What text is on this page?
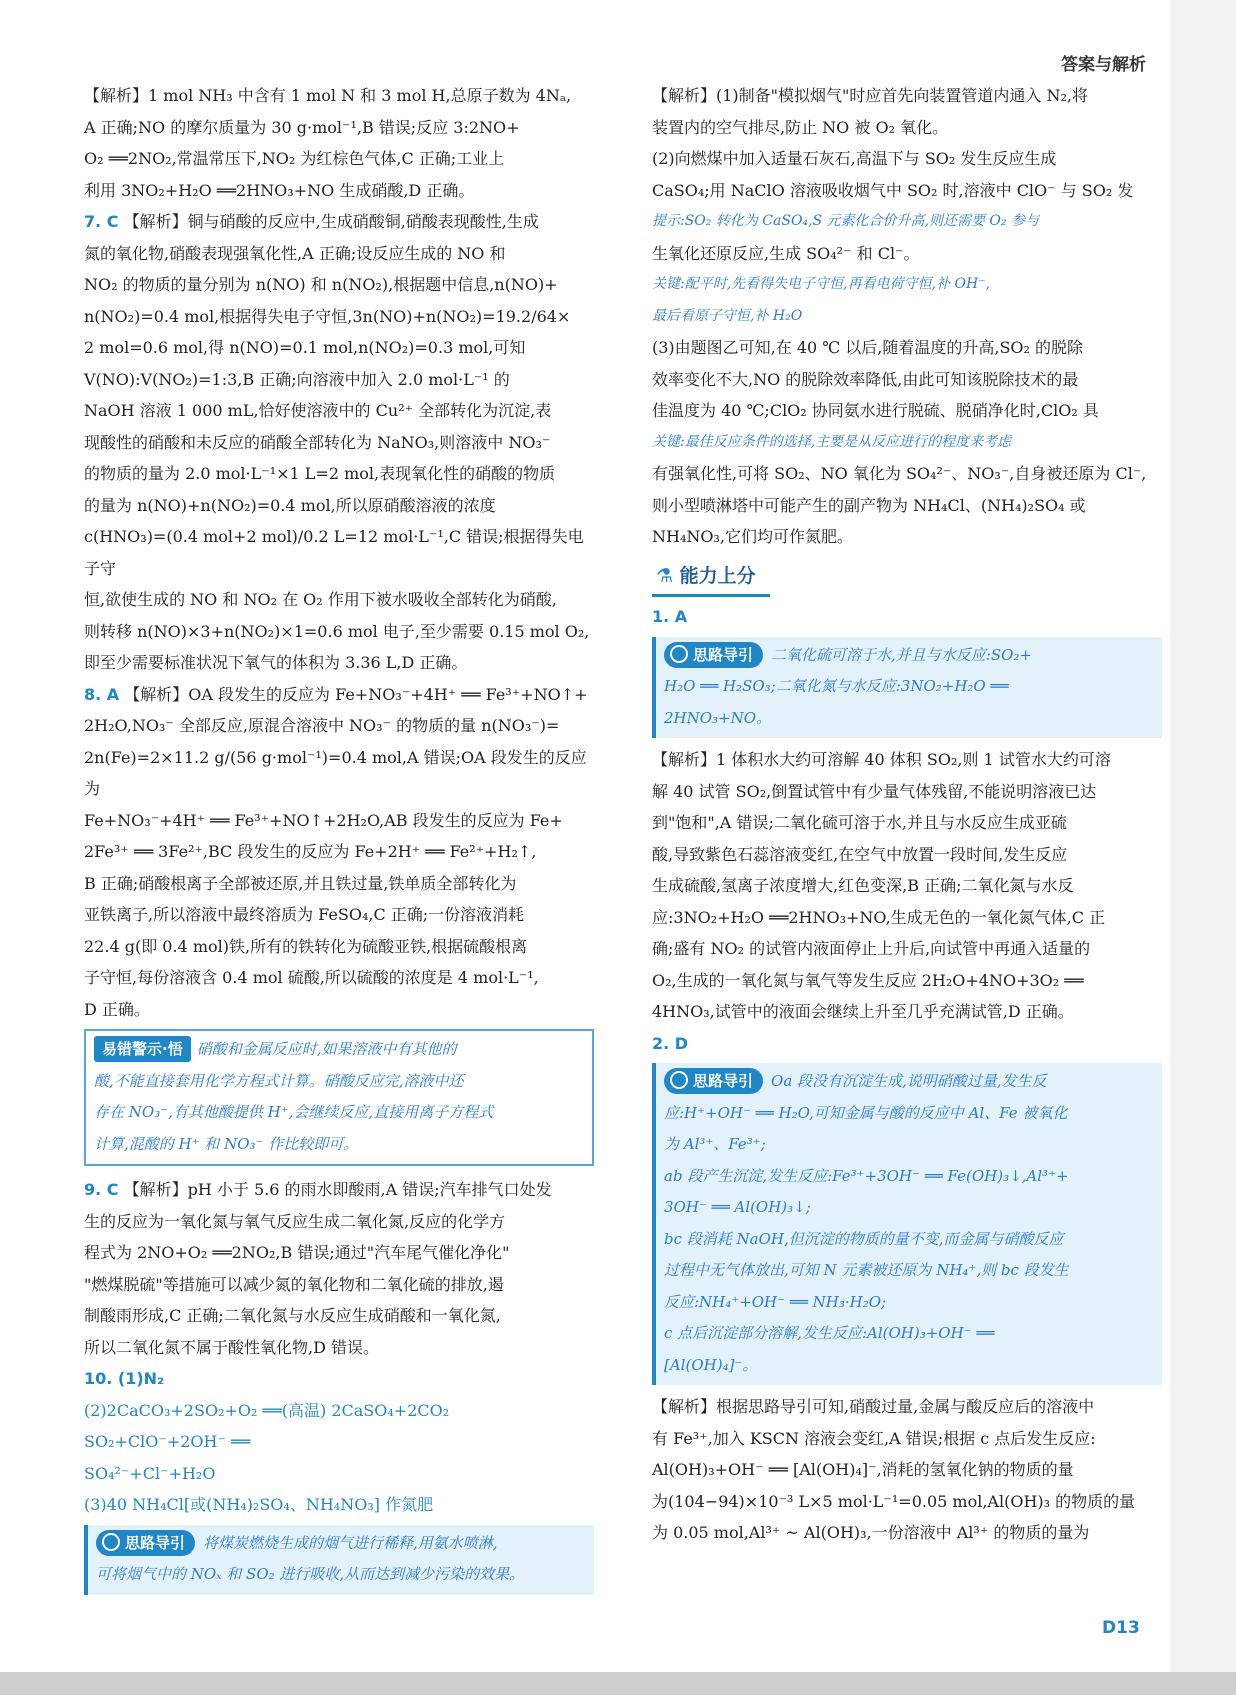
答案与解析

【解析】1 mol NH₃ 中含有 1 mol N 和 3 mol H,总原子数为 4Nₐ,

A 正确;NO 的摩尔质量为 30 g·mol⁻¹,B 错误;反应 3:2NO+

O₂ ══2NO₂,常温常压下,NO₂ 为红棕色气体,C 正确;工业上

利用 3NO₂+H₂O ══2HNO₃+NO 生成硝酸,D 正确。

7. C 【解析】铜与硝酸的反应中,生成硝酸铜,硝酸表现酸性,生成

氮的氧化物,硝酸表现强氧化性,A 正确;设反应生成的 NO 和

NO₂ 的物质的量分别为 n(NO) 和 n(NO₂),根据题中信息,n(NO)+

n(NO₂)=0.4 mol,根据得失电子守恒,3n(NO)+n(NO₂)=19.2/64×

2 mol=0.6 mol,得 n(NO)=0.1 mol,n(NO₂)=0.3 mol,可知

V(NO):V(NO₂)=1:3,B 正确;向溶液中加入 2.0 mol·L⁻¹ 的

NaOH 溶液 1 000 mL,恰好使溶液中的 Cu²⁺ 全部转化为沉淀,表

现酸性的硝酸和未反应的硝酸全部转化为 NaNO₃,则溶液中 NO₃⁻

的物质的量为 2.0 mol·L⁻¹×1 L=2 mol,表现氧化性的硝酸的物质

的量为 n(NO)+n(NO₂)=0.4 mol,所以原硝酸溶液的浓度

c(HNO₃)=(0.4 mol+2 mol)/0.2 L=12 mol·L⁻¹,C 错误;根据得失电子守

恒,欲使生成的 NO 和 NO₂ 在 O₂ 作用下被水吸收全部转化为硝酸,

则转移 n(NO)×3+n(NO₂)×1=0.6 mol 电子,至少需要 0.15 mol O₂,

即至少需要标准状况下氧气的体积为 3.36 L,D 正确。

8. A 【解析】OA 段发生的反应为 Fe+NO₃⁻+4H⁺ ══ Fe³⁺+NO↑+

2H₂O,NO₃⁻ 全部反应,原混合溶液中 NO₃⁻ 的物质的量 n(NO₃⁻)=

2n(Fe)=2×11.2 g/(56 g·mol⁻¹)=0.4 mol,A 错误;OA 段发生的反应为

Fe+NO₃⁻+4H⁺ ══ Fe³⁺+NO↑+2H₂O,AB 段发生的反应为 Fe+

2Fe³⁺ ══ 3Fe²⁺,BC 段发生的反应为 Fe+2H⁺ ══ Fe²⁺+H₂↑,

B 正确;硝酸根离子全部被还原,并且铁过量,铁单质全部转化为

亚铁离子,所以溶液中最终溶质为 FeSO₄,C 正确;一份溶液消耗

22.4 g(即 0.4 mol)铁,所有的铁转化为硫酸亚铁,根据硫酸根离

子守恒,每份溶液含 0.4 mol 硫酸,所以硫酸的浓度是 4 mol·L⁻¹,

D 正确。

易错警示·悟 硝酸和金属反应时,如果溶液中有其他的

酸,不能直接套用化学方程式计算。硝酸反应完,溶液中还

存在 NO₃⁻,有其他酸提供 H⁺,会继续反应,直接用离子方程式

计算,混酸的 H⁺ 和 NO₃⁻ 作比较即可。

9. C 【解析】pH 小于 5.6 的雨水即酸雨,A 错误;汽车排气口处发

生的反应为一氧化氮与氧气反应生成二氧化氮,反应的化学方

程式为 2NO+O₂ ══2NO₂,B 错误;通过"汽车尾气催化净化"

"燃煤脱硫"等措施可以减少氮的氧化物和二氧化硫的排放,遏

制酸雨形成,C 正确;二氧化氮与水反应生成硝酸和一氧化氮,

所以二氧化氮不属于酸性氧化物,D 错误。

10. (1)N₂

(2)2CaCO₃+2SO₂+O₂ ══(高温) 2CaSO₄+2CO₂ SO₂+ClO⁻+2OH⁻ ══

SO₄²⁻+Cl⁻+H₂O

(3)40 NH₄Cl[或(NH₄)₂SO₄、NH₄NO₃] 作氮肥

思路导引 将煤炭燃烧生成的烟气进行稀释,用氨水喷淋,

可将烟气中的 NOₓ 和 SO₂ 进行吸收,从而达到减少污染的效果。

【解析】(1)制备"模拟烟气"时应首先向装置管道内通入 N₂,将

装置内的空气排尽,防止 NO 被 O₂ 氧化。

(2)向燃煤中加入适量石灰石,高温下与 SO₂ 发生反应生成

CaSO₄;用 NaClO 溶液吸收烟气中 SO₂ 时,溶液中 ClO⁻ 与 SO₂ 发

提示:SO₂ 转化为 CaSO₄,S 元素化合价升高,则还需要 O₂ 参与

生氧化还原反应,生成 SO₄²⁻ 和 Cl⁻。

关键:配平时,先看得失电子守恒,再看电荷守恒,补 OH⁻,

最后看原子守恒,补 H₂O

(3)由题图乙可知,在 40 ℃ 以后,随着温度的升高,SO₂ 的脱除

效率变化不大,NO 的脱除效率降低,由此可知该脱除技术的最

佳温度为 40 ℃;ClO₂ 协同氨水进行脱硫、脱硝净化时,ClO₂ 具

关键:最佳反应条件的选择,主要是从反应进行的程度来考虑

有强氧化性,可将 SO₂、NO 氧化为 SO₄²⁻、NO₃⁻,自身被还原为 Cl⁻,

则小型喷淋塔中可能产生的副产物为 NH₄Cl、(NH₄)₂SO₄ 或

NH₄NO₃,它们均可作氮肥。

⚗ 能力上分

1. A

思路导引 二氧化硫可溶于水,并且与水反应:SO₂+

H₂O ══ H₂SO₃;二氧化氮与水反应:3NO₂+H₂O ══

2HNO₃+NO。

【解析】1 体积水大约可溶解 40 体积 SO₂,则 1 试管水大约可溶

解 40 试管 SO₂,倒置试管中有少量气体残留,不能说明溶液已达

到"饱和",A 错误;二氧化硫可溶于水,并且与水反应生成亚硫

酸,导致紫色石蕊溶液变红,在空气中放置一段时间,发生反应

生成硫酸,氢离子浓度增大,红色变深,B 正确;二氧化氮与水反

应:3NO₂+H₂O ══2HNO₃+NO,生成无色的一氧化氮气体,C 正

确;盛有 NO₂ 的试管内液面停止上升后,向试管中再通入适量的

O₂,生成的一氧化氮与氧气等发生反应 2H₂O+4NO+3O₂ ══

4HNO₃,试管中的液面会继续上升至几乎充满试管,D 正确。

2. D

思路导引 Oa 段没有沉淀生成,说明硝酸过量,发生反

应:H⁺+OH⁻ ══ H₂O,可知金属与酸的反应中 Al、Fe 被氧化

为 Al³⁺、Fe³⁺;

ab 段产生沉淀,发生反应:Fe³⁺+3OH⁻ ══ Fe(OH)₃↓,Al³⁺+

3OH⁻ ══ Al(OH)₃↓;

bc 段消耗 NaOH,但沉淀的物质的量不变,而金属与硝酸反应

过程中无气体放出,可知 N 元素被还原为 NH₄⁺,则 bc 段发生

反应:NH₄⁺+OH⁻ ══ NH₃·H₂O;

c 点后沉淀部分溶解,发生反应:Al(OH)₃+OH⁻ ══

[Al(OH)₄]⁻。

【解析】根据思路导引可知,硝酸过量,金属与酸反应后的溶液中

有 Fe³⁺,加入 KSCN 溶液会变红,A 错误;根据 c 点后发生反应:

Al(OH)₃+OH⁻ ══ [Al(OH)₄]⁻,消耗的氢氧化钠的物质的量

为(104−94)×10⁻³ L×5 mol·L⁻¹=0.05 mol,Al(OH)₃ 的物质的量

为 0.05 mol,Al³⁺ ~ Al(OH)₃,一份溶液中 Al³⁺ 的物质的量为

D13
